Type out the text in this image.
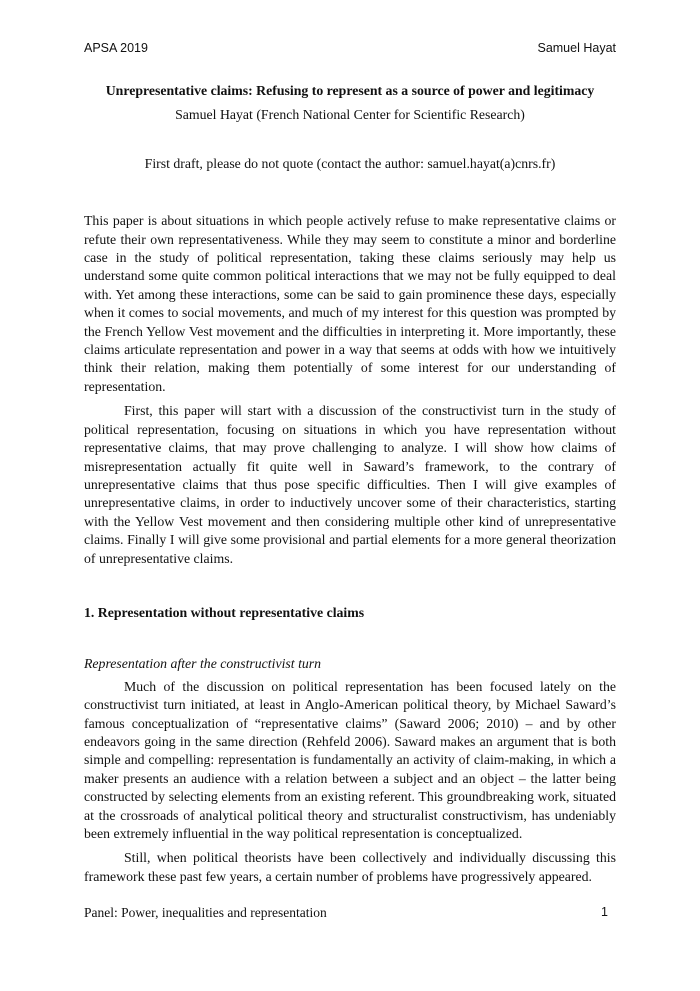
APSA 2019	Samuel Hayat

Unrepresentative claims: Refusing to represent as a source of power and legitimacy

Samuel Hayat (French National Center for Scientific Research)

First draft, please do not quote (contact the author: samuel.hayat(a)cnrs.fr)

This paper is about situations in which people actively refuse to make representative claims or refute their own representativeness. While they may seem to constitute a minor and borderline case in the study of political representation, taking these claims seriously may help us understand some quite common political interactions that we may not be fully equipped to deal with. Yet among these interactions, some can be said to gain prominence these days, especially when it comes to social movements, and much of my interest for this question was prompted by the French Yellow Vest movement and the difficulties in interpreting it. More importantly, these claims articulate representation and power in a way that seems at odds with how we intuitively think their relation, making them potentially of some interest for our understanding of representation.

First, this paper will start with a discussion of the constructivist turn in the study of political representation, focusing on situations in which you have representation without representative claims, that may prove challenging to analyze. I will show how claims of misrepresentation actually fit quite well in Saward’s framework, to the contrary of unrepresentative claims that thus pose specific difficulties. Then I will give examples of unrepresentative claims, in order to inductively uncover some of their characteristics, starting with the Yellow Vest movement and then considering multiple other kind of unrepresentative claims. Finally I will give some provisional and partial elements for a more general theorization of unrepresentative claims.

1. Representation without representative claims

Representation after the constructivist turn

Much of the discussion on political representation has been focused lately on the constructivist turn initiated, at least in Anglo-American political theory, by Michael Saward’s famous conceptualization of “representative claims” (Saward 2006; 2010) – and by other endeavors going in the same direction (Rehfeld 2006). Saward makes an argument that is both simple and compelling: representation is fundamentally an activity of claim-making, in which a maker presents an audience with a relation between a subject and an object – the latter being constructed by selecting elements from an existing referent. This groundbreaking work, situated at the crossroads of analytical political theory and structuralist constructivism, has undeniably been extremely influential in the way political representation is conceptualized.

Still, when political theorists have been collectively and individually discussing this framework these past few years, a certain number of problems have progressively appeared.

Panel: Power, inequalities and representation	1
